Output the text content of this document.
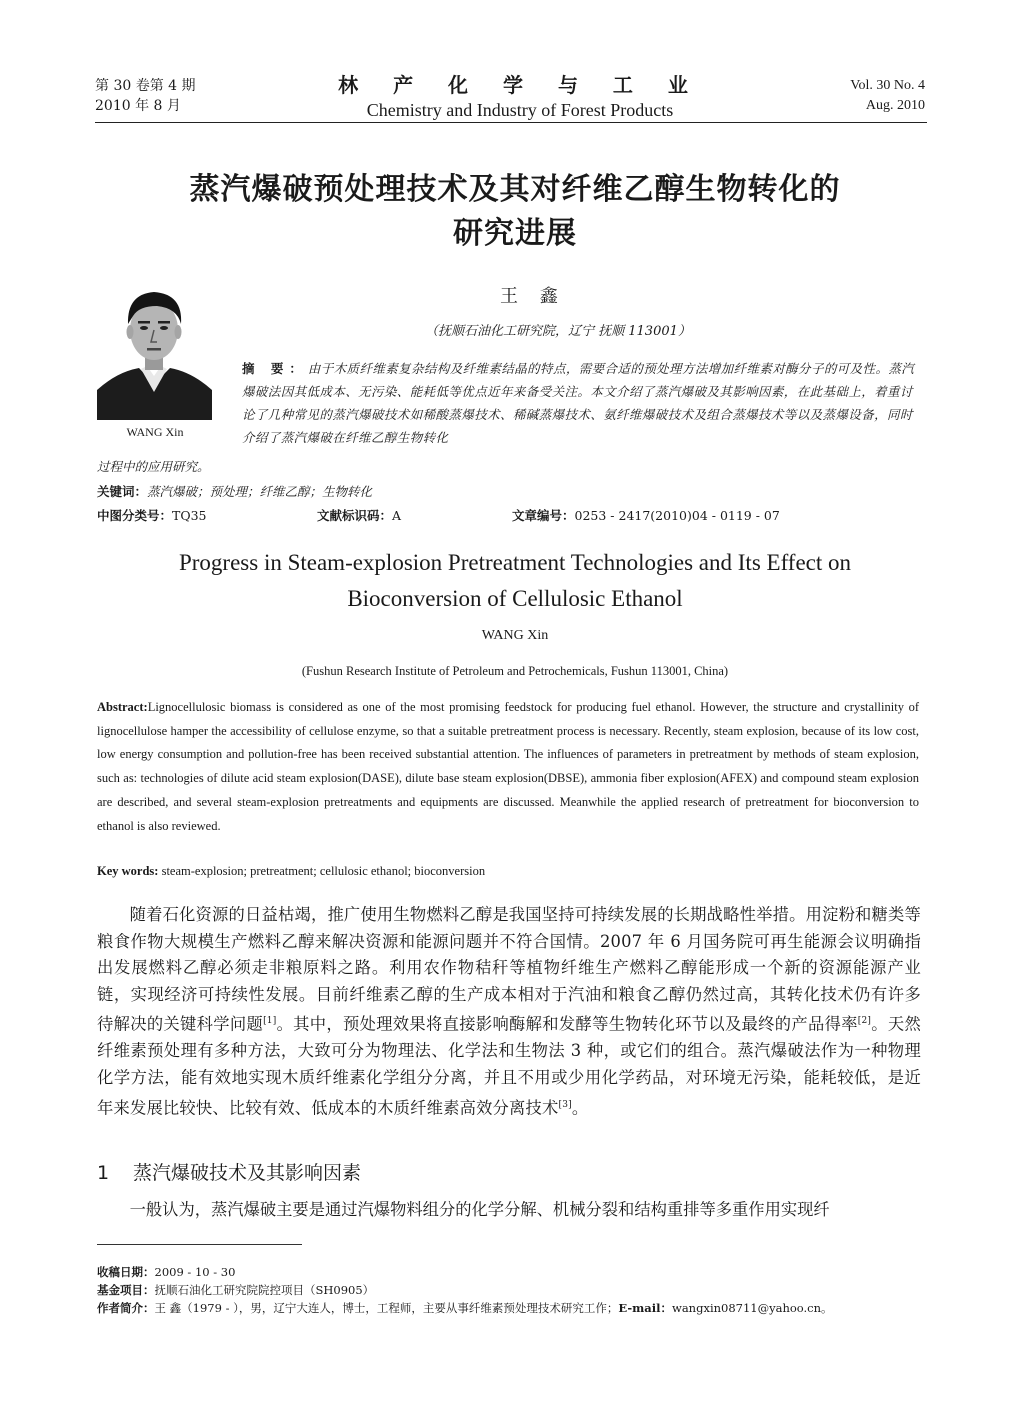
第 30 卷第 4 期
2010 年 8 月
林 产 化 学 与 工 业
Chemistry and Industry of Forest Products
Vol. 30 No. 4
Aug. 2010
蒸汽爆破预处理技术及其对纤维乙醇生物转化的
研究进展
王 鑫
（抚顺石油化工研究院，辽宁 抚顺 113001）
WANG Xin
摘 要：由于木质纤维素复杂结构及纤维素结晶的特点，需要合适的预处理方法增加纤维素对酶分子的可及性。蒸汽爆破法因其低成本、无污染、能耗低等优点近年来备受关注。本文介绍了蒸汽爆破及其影响因素，在此基础上，着重讨论了几种常见的蒸汽爆破技术如稀酸蒸爆技术、稀碱蒸爆技术、氨纤维爆破技术及组合蒸爆技术等以及蒸爆设备，同时介绍了蒸汽爆破在纤维乙醇生物转化
过程中的应用研究。
关键词：蒸汽爆破；预处理；纤维乙醇；生物转化
中图分类号：TQ35	文献标识码：A	文章编号：0253 - 2417(2010)04 - 0119 - 07
Progress in Steam-explosion Pretreatment Technologies and Its Effect on
Bioconversion of Cellulosic Ethanol
WANG Xin
(Fushun Research Institute of Petroleum and Petrochemicals, Fushun 113001, China)
Abstract:Lignocellulosic biomass is considered as one of the most promising feedstock for producing fuel ethanol. However, the structure and crystallinity of lignocellulose hamper the accessibility of cellulose enzyme, so that a suitable pretreatment process is necessary. Recently, steam explosion, because of its low cost, low energy consumption and pollution-free has been received substantial attention. The influences of parameters in pretreatment by methods of steam explosion, such as: technologies of dilute acid steam explosion(DASE), dilute base steam explosion(DBSE), ammonia fiber explosion(AFEX) and compound steam explosion are described, and several steam-explosion pretreatments and equipments are discussed. Meanwhile the applied research of pretreatment for bioconversion to ethanol is also reviewed.
Key words: steam-explosion; pretreatment; cellulosic ethanol; bioconversion

随着石化资源的日益枯竭，推广使用生物燃料乙醇是我国坚持可持续发展的长期战略性举措。用淀粉和糖类等粮食作物大规模生产燃料乙醇来解决资源和能源问题并不符合国情。2007 年 6 月国务院可再生能源会议明确指出发展燃料乙醇必须走非粮原料之路。利用农作物秸秆等植物纤维生产燃料乙醇能形成一个新的资源能源产业链，实现经济可持续性发展。目前纤维素乙醇的生产成本相对于汽油和粮食乙醇仍然过高，其转化技术仍有许多待解决的关键科学问题[1]。其中，预处理效果将直接影响酶解和发酵等生物转化环节以及最终的产品得率[2]。天然纤维素预处理有多种方法，大致可分为物理法、化学法和生物法 3 种，或它们的组合。蒸汽爆破法作为一种物理化学方法，能有效地实现木质纤维素化学组分分离，并且不用或少用化学药品，对环境无污染，能耗较低，是近年来发展比较快、比较有效、低成本的木质纤维素高效分离技术[3]。

1 蒸汽爆破技术及其影响因素

一般认为，蒸汽爆破主要是通过汽爆物料组分的化学分解、机械分裂和结构重排等多重作用实现纤

收稿日期：2009 - 10 - 30
基金项目：抚顺石油化工研究院院控项目（SH0905）
作者简介：王 鑫（1979 - ），男，辽宁大连人，博士，工程师，主要从事纤维素预处理技术研究工作；E-mail：wangxin08711@yahoo.cn。
